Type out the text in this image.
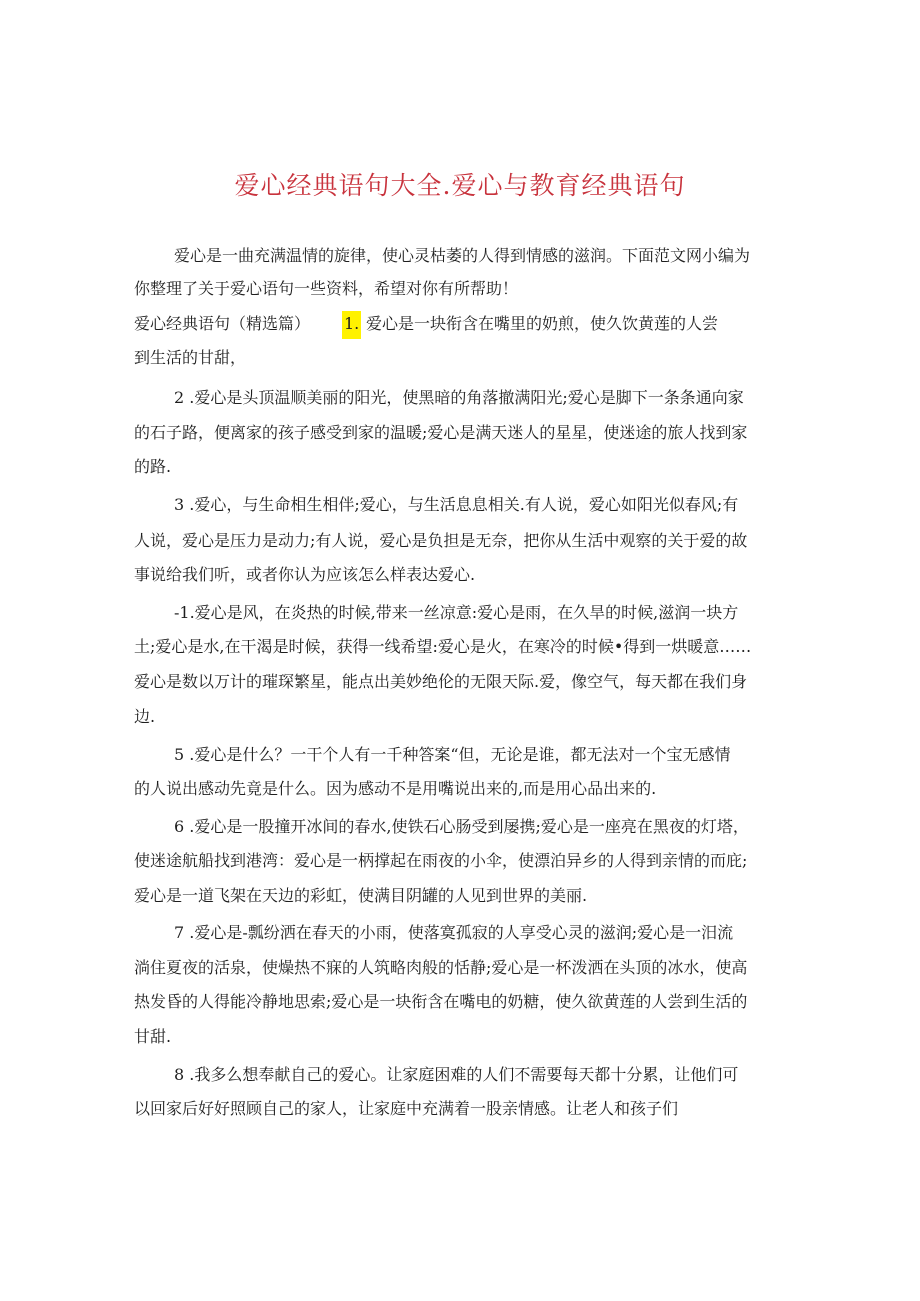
爱心经典语句大全.爱心与教育经典语句
爱心是一曲充满温情的旋律，使心灵枯萎的人得到情感的滋润。下面范文网小编为
你整理了关于爱心语句一些资料，希望对你有所帮助！
爱心经典语句（精选篇） 1. 爱心是一块衔含在嘴里的奶煎，使久饮黄莲的人尝
到生活的甘甜，
2 .爱心是头顶温顺美丽的阳光，使黑暗的角落撤满阳光;爱心是脚下一条条通向家
的石子路，便离家的孩子感受到家的温暖;爱心是满天迷人的星星，使迷途的旅人找到家
的路.
3 .爱心，与生命相生相伴;爱心，与生活息息相关.有人说，爱心如阳光似春风;有
人说，爱心是压力是动力;有人说，爱心是负担是无奈，把你从生活中观察的关于爱的故
事说给我们听，或者你认为应该怎么样表达爱心.
-1.爱心是风，在炎热的时候,带来一丝凉意:爱心是雨，在久旱的时候,滋润一块方
土;爱心是水,在干渴是时候，获得一线希望:爱心是火，在寒冷的时候•得到一烘暖意……
爱心是数以万计的璀琛繁星，能点出美妙绝伦的无限天际.爱，像空气，每天都在我们身
边.
5 .爱心是什么？一干个人有一千种答案“但，无论是谁，都无法对一个宝无感情
的人说出感动先竟是什么。因为感动不是用嘴说出来的,而是用心品出来的.
6 .爱心是一股撞开冰间的春水,使铁石心肠受到屡携;爱心是一座亮在黑夜的灯塔，
使迷途航船找到港湾：爱心是一柄撑起在雨夜的小伞，使漂泊异乡的人得到亲情的而庇;
爱心是一道飞架在天边的彩虹，使满目阴罐的人见到世界的美丽.
7 .爱心是-瓢纷洒在春天的小雨，使落寞孤寂的人享受心灵的滋润;爱心是一汨流
淌住夏夜的活泉，使燥热不寐的人筑略肉般的恬静;爱心是一杯泼洒在头顶的冰水，使高
热发昏的人得能冷静地思索;爱心是一块衔含在嘴电的奶糖，使久欲黄莲的人尝到生活的
甘甜.
8 .我多么想奉献自己的爱心。让家庭困难的人们不需要每天都十分累，让他们可
以回家后好好照顾自己的家人，让家庭中充满着一股亲情感。让老人和孩子们
